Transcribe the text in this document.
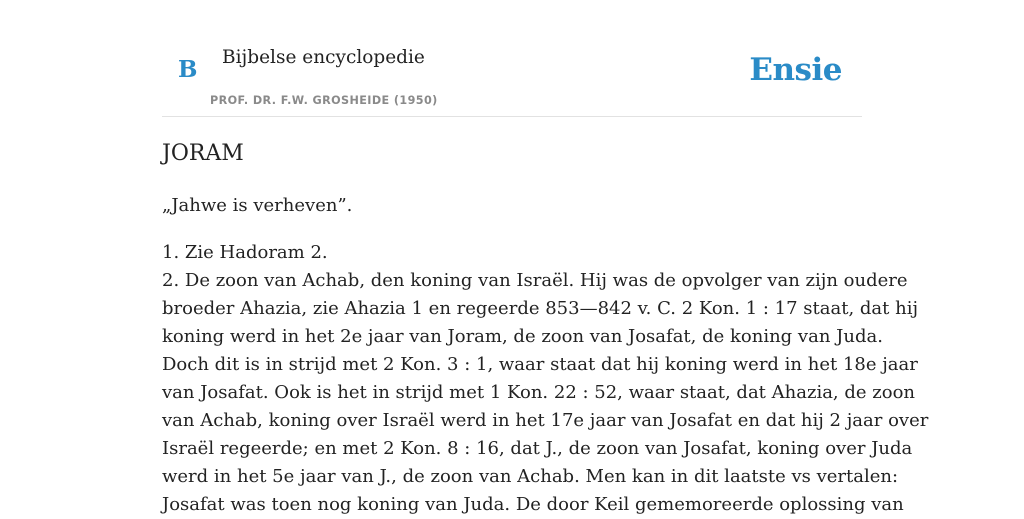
B Bijbelse encyclopedie
PROF. DR. F.W. GROSHEIDE (1950)
Ensie
JORAM

„Jahwe is verheven”.

1. Zie Hadoram 2.
2. De zoon van Achab, den koning van Israël. Hij was de opvolger van zijn oudere
broeder Ahazia, zie Ahazia 1 en regeerde 853—842 v. C. 2 Kon. 1 : 17 staat, dat hij
koning werd in het 2e jaar van Joram, de zoon van Josafat, de koning van Juda.
Doch dit is in strijd met 2 Kon. 3 : 1, waar staat dat hij koning werd in het 18e jaar
van Josafat. Ook is het in strijd met 1 Kon. 22 : 52, waar staat, dat Ahazia, de zoon
van Achab, koning over Israël werd in het 17e jaar van Josafat en dat hij 2 jaar over
Israël regeerde; en met 2 Kon. 8 : 16, dat J., de zoon van Josafat, koning over Juda
werd in het 5e jaar van J., de zoon van Achab. Men kan in dit laatste vs vertalen:
Josafat was toen nog koning van Juda. De door Keil gememoreerde oplossing van
